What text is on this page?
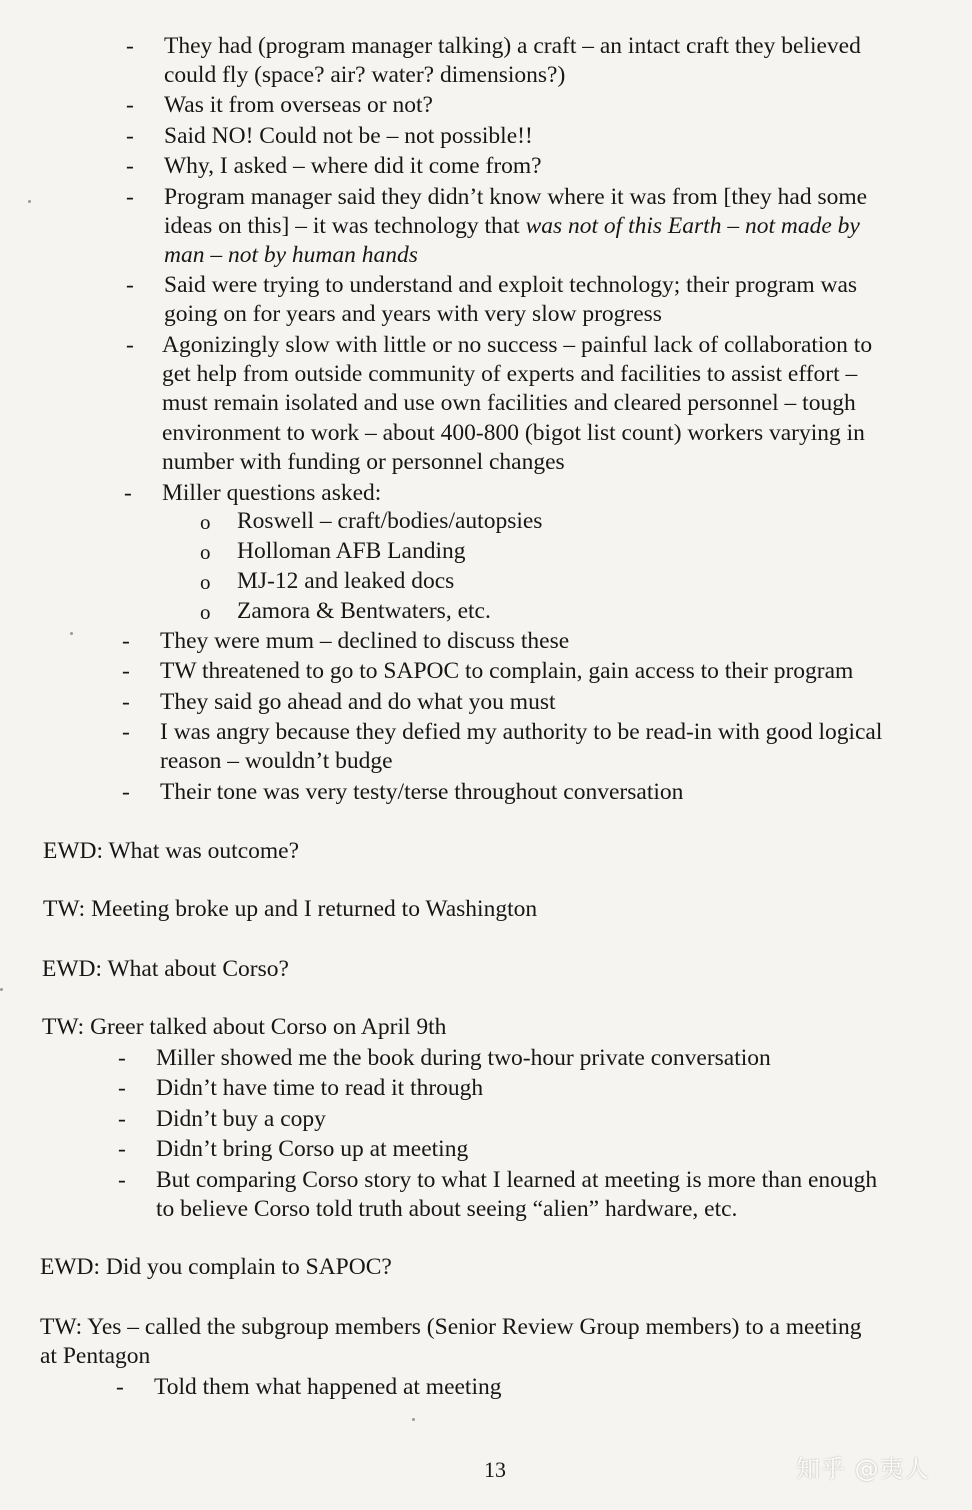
- They had (program manager talking) a craft – an intact craft they believed
could fly (space? air? water? dimensions?)
- Was it from overseas or not?
- Said NO! Could not be – not possible!!
- Why, I asked – where did it come from?
- Program manager said they didn’t know where it was from [they had some
ideas on this] – it was technology that was not of this Earth – not made by
man – not by human hands
- Said were trying to understand and exploit technology; their program was
going on for years and years with very slow progress
- Agonizingly slow with little or no success – painful lack of collaboration to
get help from outside community of experts and facilities to assist effort –
must remain isolated and use own facilities and cleared personnel – tough
environment to work – about 400-800 (bigot list count) workers varying in
number with funding or personnel changes
- Miller questions asked:
o Roswell – craft/bodies/autopsies
o Holloman AFB Landing
o MJ-12 and leaked docs
o Zamora & Bentwaters, etc.
- They were mum – declined to discuss these
- TW threatened to go to SAPOC to complain, gain access to their program
- They said go ahead and do what you must
- I was angry because they defied my authority to be read-in with good logical
reason – wouldn’t budge
- Their tone was very testy/terse throughout conversation
EWD: What was outcome?
TW: Meeting broke up and I returned to Washington
EWD: What about Corso?
TW: Greer talked about Corso on April 9th
- Miller showed me the book during two-hour private conversation
- Didn’t have time to read it through
- Didn’t buy a copy
- Didn’t bring Corso up at meeting
- But comparing Corso story to what I learned at meeting is more than enough
to believe Corso told truth about seeing “alien” hardware, etc.
EWD: Did you complain to SAPOC?
TW: Yes – called the subgroup members (Senior Review Group members) to a meeting
at Pentagon
- Told them what happened at meeting
13	知乎 @夷人
